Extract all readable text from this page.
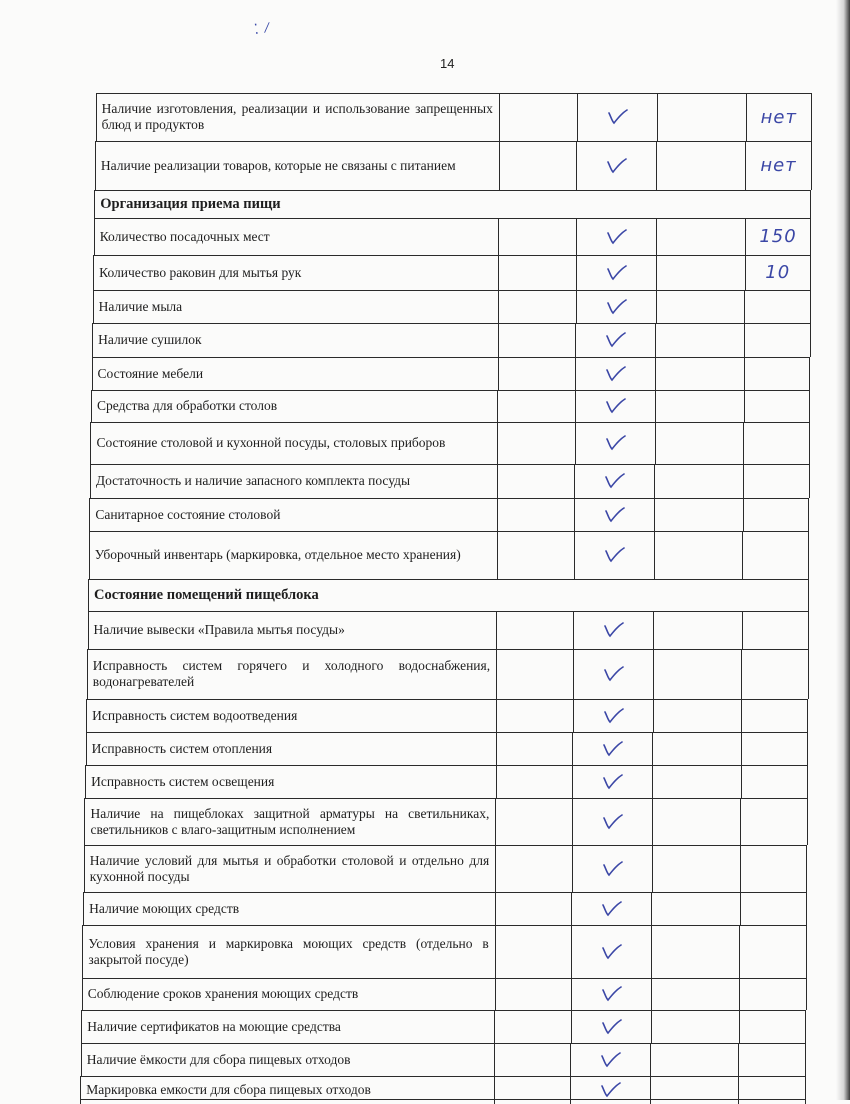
⁚ ⁄
14
Наличие изготовления, реализации и использование запрещенных блюд и продуктов	нет
Наличие реализации товаров, которые не связаны с питанием	нет
Организация приема пищи
Количество посадочных мест	150
Количество раковин для мытья рук	10
Наличие мыла
Наличие сушилок
Состояние мебели
Средства для обработки столов
Состояние столовой и кухонной посуды, столовых приборов
Достаточность и наличие запасного комплекта посуды
Санитарное состояние столовой
Уборочный инвентарь (маркировка, отдельное место хранения)
Состояние помещений пищеблока
Наличие вывески «Правила мытья посуды»
Исправность систем горячего и холодного водоснабжения, водонагревателей
Исправность систем водоотведения
Исправность систем отопления
Исправность систем освещения
Наличие на пищеблоках защитной арматуры на светильниках, светильников с влаго-защитным исполнением
Наличие условий для мытья и обработки столовой и отдельно для кухонной посуды
Наличие моющих средств
Условия хранения и маркировка моющих средств (отдельно в закрытой посуде)
Соблюдение сроков хранения моющих средств
Наличие сертификатов на моющие средства
Наличие ёмкости для сбора пищевых отходов
Маркировка емкости для сбора пищевых отходов
